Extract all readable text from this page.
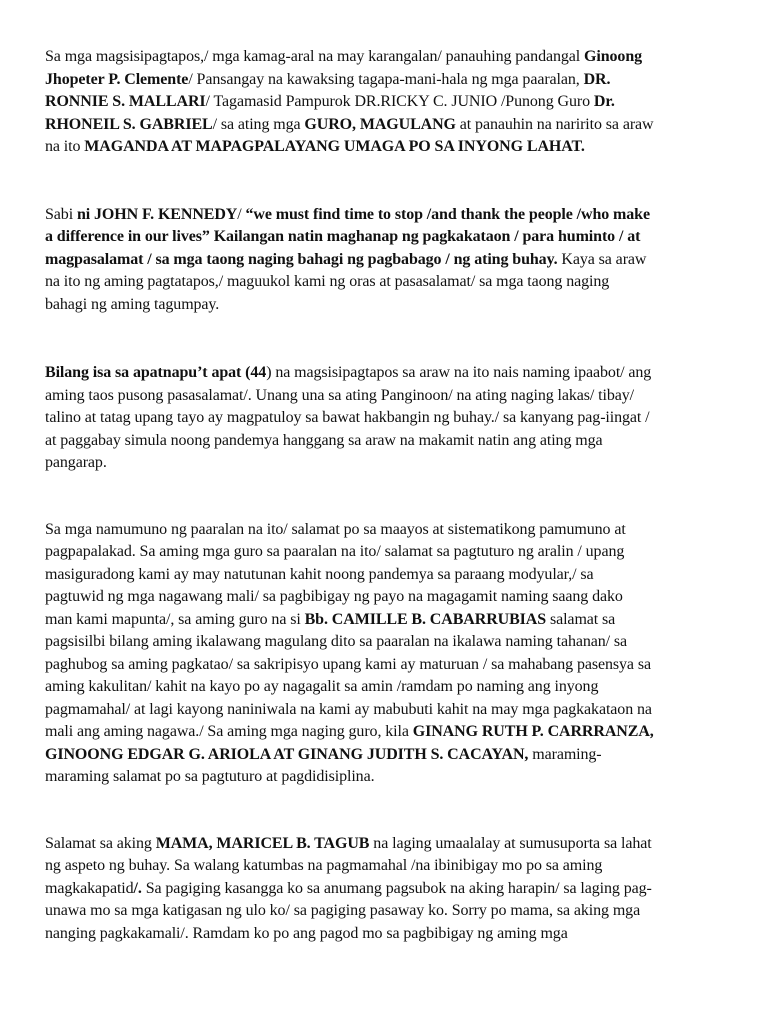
Sa mga magsisipagtapos,/ mga kamag-aral na may karangalan/ panauhing pandangal Ginoong
Jhopeter P. Clemente/ Pansangay na kawaksing tagapa-mani-hala ng mga paaralan, DR.
RONNIE S. MALLARI/ Tagamasid Pampurok DR.RICKY C. JUNIO /Punong Guro Dr.
RHONEIL S. GABRIEL/ sa ating mga GURO, MAGULANG at panauhin na naririto sa araw
na ito MAGANDA AT MAPAGPALAYANG UMAGA PO SA INYONG LAHAT.
Sabi ni JOHN F. KENNEDY/ “we must find time to stop /and thank the people /who make
a difference in our lives” Kailangan natin maghanap ng pagkakataon / para huminto / at
magpasalamat / sa mga taong naging bahagi ng pagbabago / ng ating buhay. Kaya sa araw
na ito ng aming pagtatapos,/ maguukol kami ng oras at pasasalamat/ sa mga taong naging
bahagi ng aming tagumpay.
Bilang isa sa apatnapu’t apat (44) na magsisipagtapos sa araw na ito nais naming ipaabot/ ang
aming taos pusong pasasalamat/. Unang una sa ating Panginoon/ na ating naging lakas/ tibay/
talino at tatag upang tayo ay magpatuloy sa bawat hakbangin ng buhay./ sa kanyang pag-iingat /
at paggabay simula noong pandemya hanggang sa araw na makamit natin ang ating mga
pangarap.
Sa mga namumuno ng paaralan na ito/ salamat po sa maayos at sistematikong pamumuno at
pagpapalakad. Sa aming mga guro sa paaralan na ito/ salamat sa pagtuturo ng aralin / upang
masiguradong kami ay may natutunan kahit noong pandemya sa paraang modyular,/ sa
pagtuwid ng mga nagawang mali/ sa pagbibigay ng payo na magagamit naming saang dako
man kami mapunta/, sa aming guro na si Bb. CAMILLE B. CABARRUBIAS salamat sa
pagsisilbi bilang aming ikalawang magulang dito sa paaralan na ikalawa naming tahanan/ sa
paghubog sa aming pagkatao/ sa sakripisyo upang kami ay maturuan / sa mahabang pasensya sa
aming kakulitan/ kahit na kayo po ay nagagalit sa amin /ramdam po naming ang inyong
pagmamahal/ at lagi kayong naniniwala na kami ay mabubuti kahit na may mga pagkakataon na
mali ang aming nagawa./ Sa aming mga naging guro, kila GINANG RUTH P. CARRRANZA,
GINOONG EDGAR G. ARIOLA AT GINANG JUDITH S. CACAYAN, maraming-
maraming salamat po sa pagtuturo at pagdidisiplina.
Salamat sa aking MAMA, MARICEL B. TAGUB na laging umaalalay at sumusuporta sa lahat
ng aspeto ng buhay. Sa walang katumbas na pagmamahal /na ibinibigay mo po sa aming
magkakapatid/. Sa pagiging kasangga ko sa anumang pagsubok na aking harapin/ sa laging pag-
unawa mo sa mga katigasan ng ulo ko/ sa pagiging pasaway ko. Sorry po mama, sa aking mga
nanging pagkakamali/. Ramdam ko po ang pagod mo sa pagbibigay ng aming mga
